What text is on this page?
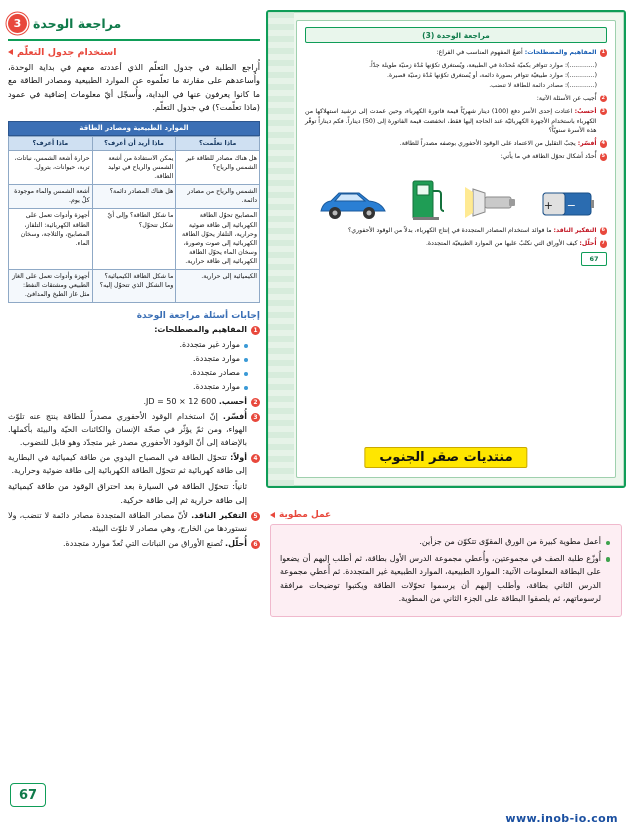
مراجعة الوحدة
3
استخدام جدول التعلّم
أُراجع الطلبة في جدول التعلّم الذي أعددته معهم في بداية الوحدة، وأُساعدهم على مقارنة ما تعلّموه عن الموارد الطبيعية ومصادر الطاقة مع ما كانوا يعرفون عنها في البداية، وأُسجّل أيّ معلومات إضافية في عمود (ماذا تعلّمت؟) في جدول التعلّم.
الموارد الطبيعية ومصادر الطاقة
ماذا تعلّمت؟	ماذا أريد أن أعرف؟	ماذا أعرف؟
هل هناك مصادر للطاقة غير الشمس والرياح؟	يمكن الاستفادة من أشعة الشمس والرياح في توليد الطاقة.	حرارة أشعة الشمس، نباتات، تربة، حيوانات، بترول.
الشمس والرياح من مصادر دائمة.	هل هناك المصادر دائمة؟	أشعة الشمس والماء موجودة كلّ يوم.
المصابيح تحوّل الطاقة الكهربائية إلى طاقة ضوئية وحرارية، التلفاز يحوّل الطاقة الكهربائية إلى صوت وصورة، وسخان الماء يحوّل الطاقة الكهربائية إلى طاقة حرارية.	ما شكل الطاقة؟ وإلى أيّ شكل تتحوّل؟	أجهزة وأدوات تعمل على الطاقة الكهربائية: التلفاز، المصابيح، والثلاجة، وسخان الماء.
الكيميائية إلى حرارية.	ما شكل الطاقة الكيميائية؟ وما الشكل الذي تتحوّل إليه؟	أجهزة وأدوات تعمل على الغاز الطبيعي ومشتقات النفط: مثل غاز الطبخ والمدافئ.
إجابات أسئلة مراجعة الوحدة
1
المفاهيم والمصطلحات:
موارد غير متجددة.
موارد متجددة.
مصادر متجددة.
موارد متجددة.
2
أحسب. 600 JD = 50 × 12.
3
أُفسّر. إنّ استخدام الوقود الأحفوري مصدراً للطاقة ينتج عنه تلوّث الهواء، ومن ثمّ يؤثّر في صحّة الإنسان والكائنات الحيّة والبيئة بأكملها. بالإضافة إلى أنّ الوقود الأحفوري مصدر غير متجدّد وهو قابل للنضوب.
4
أولاً: تتحوّل الطاقة في المصباح اليدوي من طاقة كيميائية في البطارية إلى طاقة كهربائية ثم تتحوّل الطاقة الكهربائية إلى طاقة ضوئية وحرارية.
ثانياً: تتحوّل الطاقة في السيارة بعد احتراق الوقود من طاقة كيميائية إلى طاقة حرارية ثم إلى طاقة حركية.
5
التفكير الناقد. لأنّ مصادر الطاقة المتجددة مصادر دائمة لا تنضب، ولا نستوردها من الخارج، وهي مصادر لا تلوّث البيئة.
6
أُحلّل. تُصنع الأوراق من النباتات التي تُعدّ موارد متجددة.
67
مراجعة الوحدة (3)
1
المفاهيم والمصطلحات: أضعُ المفهوم المناسب في الفراغ:
(.............): موارد تتوافر بكميّة مُحدّدة في الطبيعة، ويُستغرق تكوّنها مُدّة زمنيّة طويلة جدّاً.
(.............): موارد طبيعيّة تتوافر بصورة دائمة، أو يُستغرق تكوّنها مُدّة زمنيّة قصيرة.
(.............): مصادر دائمة للطاقة لا تنضب.
2
أُجيب عن الأسئلة الآتية:
3
أحسبُ: اعتادت إحدى الأسر دفع (100) دينار شهريّاً قيمة فاتورة الكهرباء، وحين عمدت إلى ترشيد استهلاكها من الكهرباء باستخدام الأجهزة الكهربائيّة عند الحاجة إليها فقط، انخفضت قيمة الفاتورة إلى (50) ديناراً. فكم ديناراً توفّر هذه الأسرة سنويّاً؟
4
أُفسّر: يجبُ التقليل من الاعتماد على الوقود الأحفوري بوصفه مصدراً للطاقة.
5
أُحدّد أشكال تحوّل الطاقة في ما يأتي:
+ −
6
التفكير الناقد: ما فوائد استخدام المصادر المتجددة في إنتاج الكهرباء، بدلاً من الوقود الأحفوري؟
7
أُحلّل: كيف الأوراق التي نكتُبُ عليها من الموارد الطبيعيّة المتجددة.
67
منتديات صقر الجنوب
عمل مطوية
أعمل مطوية كبيرة من الورق المقوّى تتكوّن من جزأين.
أُوزّع طلبة الصف في مجموعتين، وأُعطي مجموعة الدرس الأول بطاقة، ثم أطلب إليهم أن يضعوا على البطاقة المعلومات الآتية: الموارد الطبيعية، الموارد الطبيعية غير المتجددة. ثم أُعطي مجموعة الدرس الثاني بطاقة، وأطلب إليهم أن يرسموا تحوّلات الطاقة ويكتبوا توضيحات مرافقة لرسوماتهم، ثم يلصقوا البطاقة على الجزء الثاني من المطوية.
www.inob-io.com
